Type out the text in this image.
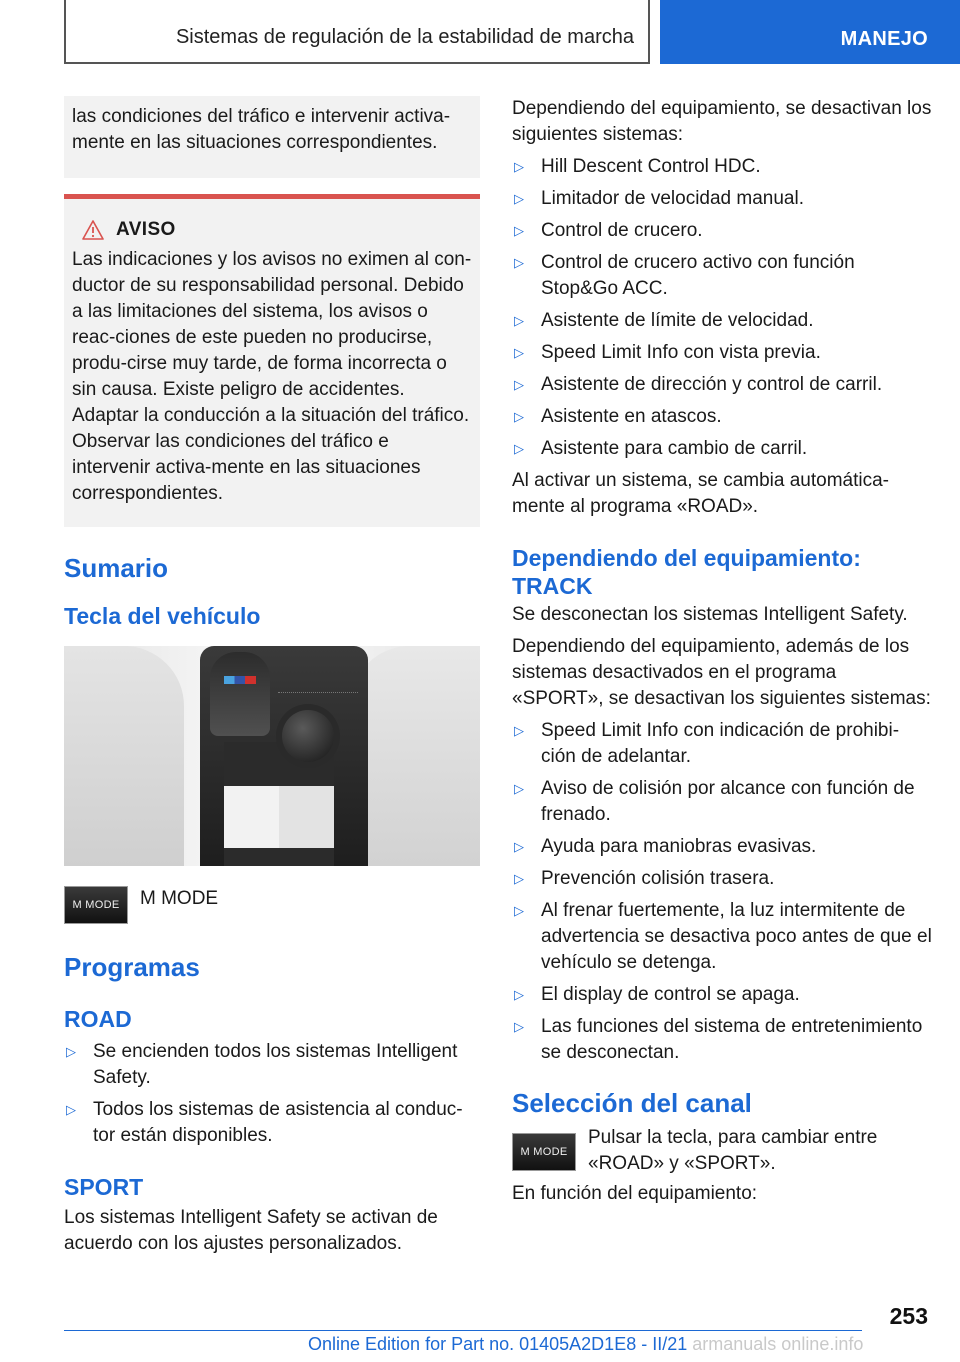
Sistemas de regulación de la estabilidad de marcha	MANEJO

las condiciones del tráfico e intervenir activa-mente en las situaciones correspondientes.

AVISO

Las indicaciones y los avisos no eximen al con-ductor de su responsabilidad personal. Debido a las limitaciones del sistema, los avisos o reac-ciones de este pueden no producirse, produ-cirse muy tarde, de forma incorrecta o sin causa. Existe peligro de accidentes. Adaptar la conducción a la situación del tráfico. Observar las condiciones del tráfico e intervenir activa-mente en las situaciones correspondientes.

Sumario
Tecla del vehículo
M MODE M MODE

Programas
ROAD
▷ Se encienden todos los sistemas Intelligent Safety.
▷ Todos los sistemas de asistencia al conduc-tor están disponibles.
SPORT

Los sistemas Intelligent Safety se activan de acuerdo con los ajustes personalizados.

Dependiendo del equipamiento, se desactivan los siguientes sistemas:

▷ Hill Descent Control HDC.
▷ Limitador de velocidad manual.
▷ Control de crucero.
▷ Control de crucero activo con función Stop&Go ACC.
▷ Asistente de límite de velocidad.
▷ Speed Limit Info con vista previa.
▷ Asistente de dirección y control de carril.
▷ Asistente en atascos.
▷ Asistente para cambio de carril.

Al activar un sistema, se cambia automática-mente al programa «ROAD».

Dependiendo del equipamiento: TRACK

Se desconectan los sistemas Intelligent Safety.

Dependiendo del equipamiento, además de los sistemas desactivados en el programa «SPORT», se desactivan los siguientes sistemas:

▷ Speed Limit Info con indicación de prohibi-ción de adelantar.
▷ Aviso de colisión por alcance con función de frenado.
▷ Ayuda para maniobras evasivas.
▷ Prevención colisión trasera.
▷ Al frenar fuertemente, la luz intermitente de advertencia se desactiva poco antes de que el vehículo se detenga.
▷ El display de control se apaga.
▷ Las funciones del sistema de entretenimiento se desconectan.
Selección del canal
M MODE

Pulsar la tecla, para cambiar entre «ROAD» y «SPORT».

En función del equipamiento:

253
Online Edition for Part no. 01405A2D1E8 - II/21 armanuals online.info
